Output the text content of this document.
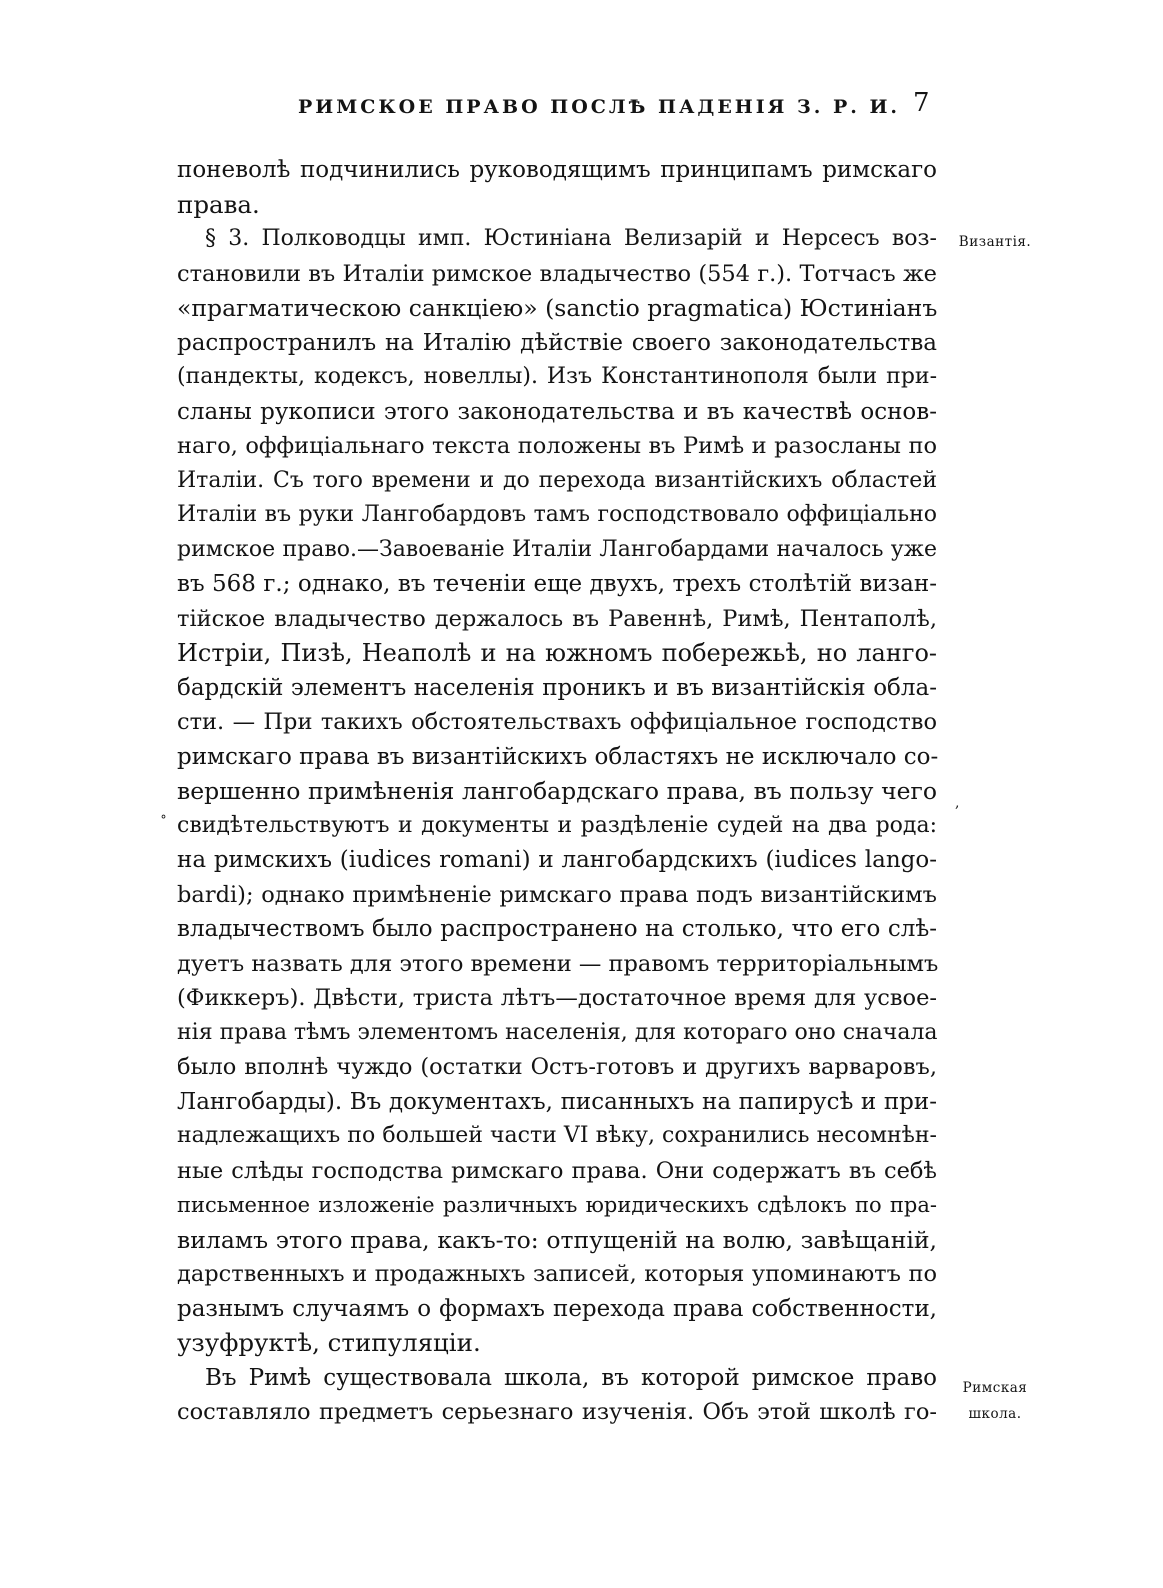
РИМСКОЕ ПРАВО ПОСЛѢ ПАДЕНІЯ З. Р. И. 7
Византія.
Римская
школа.
˚
,
поневолѣ подчинились руководящимъ принципамъ римскаго
права.
§ 3. Полководцы имп. Юстиніана Велизарій и Нерсесъ воз-
становили въ Италіи римское владычество (554 г.). Тотчасъ же
«прагматическою санкціею» (sanctio pragmatica) Юстиніанъ
распространилъ на Италію дѣйствіе своего законодательства
(пандекты, кодексъ, новеллы). Изъ Константинополя были при-
сланы рукописи этого законодательства и въ качествѣ основ-
наго, оффиціальнаго текста положены въ Римѣ и разосланы по
Италіи. Съ того времени и до перехода византійскихъ областей
Италіи въ руки Лангобардовъ тамъ господствовало оффиціально
римское право.—Завоеваніе Италіи Лангобардами началось уже
въ 568 г.; однако, въ теченіи еще двухъ, трехъ столѣтій визан-
тійское владычество держалось въ Равеннѣ, Римѣ, Пентаполѣ,
Истріи, Пизѣ, Неаполѣ и на южномъ побережьѣ, но ланго-
бардскій элементъ населенія проникъ и въ византійскія обла-
сти. — При такихъ обстоятельствахъ оффиціальное господство
римскаго права въ византійскихъ областяхъ не исключало со-
вершенно примѣненія лангобардскаго права, въ пользу чего
свидѣтельствуютъ и документы и раздѣленіе судей на два рода:
на римскихъ (iudices romani) и лангобардскихъ (iudices lango-
bardi); однако примѣненіе римскаго права подъ византійскимъ
владычествомъ было распространено на столько, что его слѣ-
дуетъ назвать для этого времени — правомъ территоріальнымъ
(Фиккеръ). Двѣсти, триста лѣтъ—достаточное время для усвое-
нія права тѣмъ элементомъ населенія, для котораго оно сначала
было вполнѣ чуждо (остатки Остъ-готовъ и другихъ варваровъ,
Лангобарды). Въ документахъ, писанныхъ на папирусѣ и при-
надлежащихъ по большей части VI вѣку, сохранились несомнѣн-
ные слѣды господства римскаго права. Они содержатъ въ себѣ
письменное изложеніе различныхъ юридическихъ сдѣлокъ по пра-
виламъ этого права, какъ-то: отпущеній на волю, завѣщаній,
дарственныхъ и продажныхъ записей, которыя упоминаютъ по
разнымъ случаямъ о формахъ перехода права собственности,
узуфруктѣ, стипуляціи.
Въ Римѣ существовала школа, въ которой римское право
составляло предметъ серьезнаго изученія. Объ этой школѣ го-
